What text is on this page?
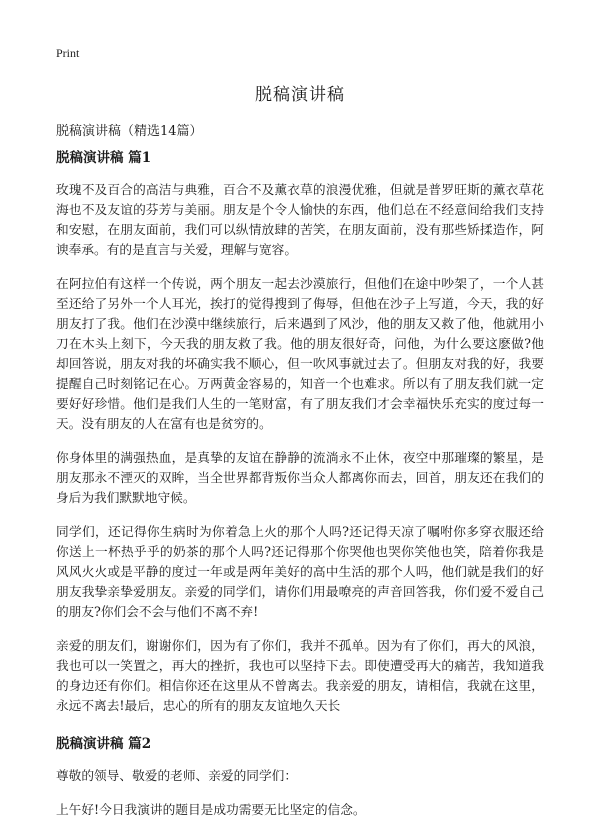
Print
脱稿演讲稿

脱稿演讲稿（精选14篇）

脱稿演讲稿 篇1

玫瑰不及百合的高洁与典雅，百合不及薰衣草的浪漫优雅，但就是普罗旺斯的薰衣草花海也不及友谊的芬芳与美丽。朋友是个令人愉快的东西，他们总在不经意间给我们支持和安慰，在朋友面前，我们可以纵情放肆的苦笑，在朋友面前，没有那些矫揉造作，阿谀奉承。有的是直言与关爱，理解与宽容。

在阿拉伯有这样一个传说，两个朋友一起去沙漠旅行，但他们在途中吵架了，一个人甚至还给了另外一个人耳光，挨打的觉得搜到了侮辱，但他在沙子上写道，今天，我的好朋友打了我。他们在沙漠中继续旅行，后来遇到了风沙，他的朋友又救了他，他就用小刀在木头上刻下，今天我的朋友救了我。他的朋友很好奇，问他，为什么要这麽做?他却回答说，朋友对我的坏确实我不顺心，但一吹风事就过去了。但朋友对我的好，我要提醒自己时刻铭记在心。万两黄金容易的，知音一个也难求。所以有了朋友我们就一定要好好珍惜。他们是我们人生的一笔财富，有了朋友我们才会幸福快乐充实的度过每一天。没有朋友的人在富有也是贫穷的。

你身体里的满强热血，是真挚的友谊在静静的流淌永不止休，夜空中那璀璨的繁星，是朋友那永不湮灭的双眸，当全世界都背叛你当众人都离你而去，回首，朋友还在我们的身后为我们默默地守候。

同学们，还记得你生病时为你着急上火的那个人吗?还记得天凉了嘱咐你多穿衣服还给你送上一杯热乎乎的奶茶的那个人吗?还记得那个你哭他也哭你笑他也笑，陪着你我是风风火火或是平静的度过一年或是两年美好的高中生活的那个人吗，他们就是我们的好朋友我挚亲挚爱朋友。亲爱的同学们，请你们用最嘹亮的声音回答我，你们爱不爱自己的朋友?你们会不会与他们不离不弃!

亲爱的朋友们，谢谢你们，因为有了你们，我并不孤单。因为有了你们，再大的风浪，我也可以一笑置之，再大的挫折，我也可以坚持下去。即使遭受再大的痛苦，我知道我的身边还有你们。相信你还在这里从不曾离去。我亲爱的朋友，请相信，我就在这里，永远不离去!最后，忠心的所有的朋友友谊地久天长

脱稿演讲稿 篇2

尊敬的领导、敬爱的老师、亲爱的同学们：

上午好!今日我演讲的题目是成功需要无比坚定的信念。
